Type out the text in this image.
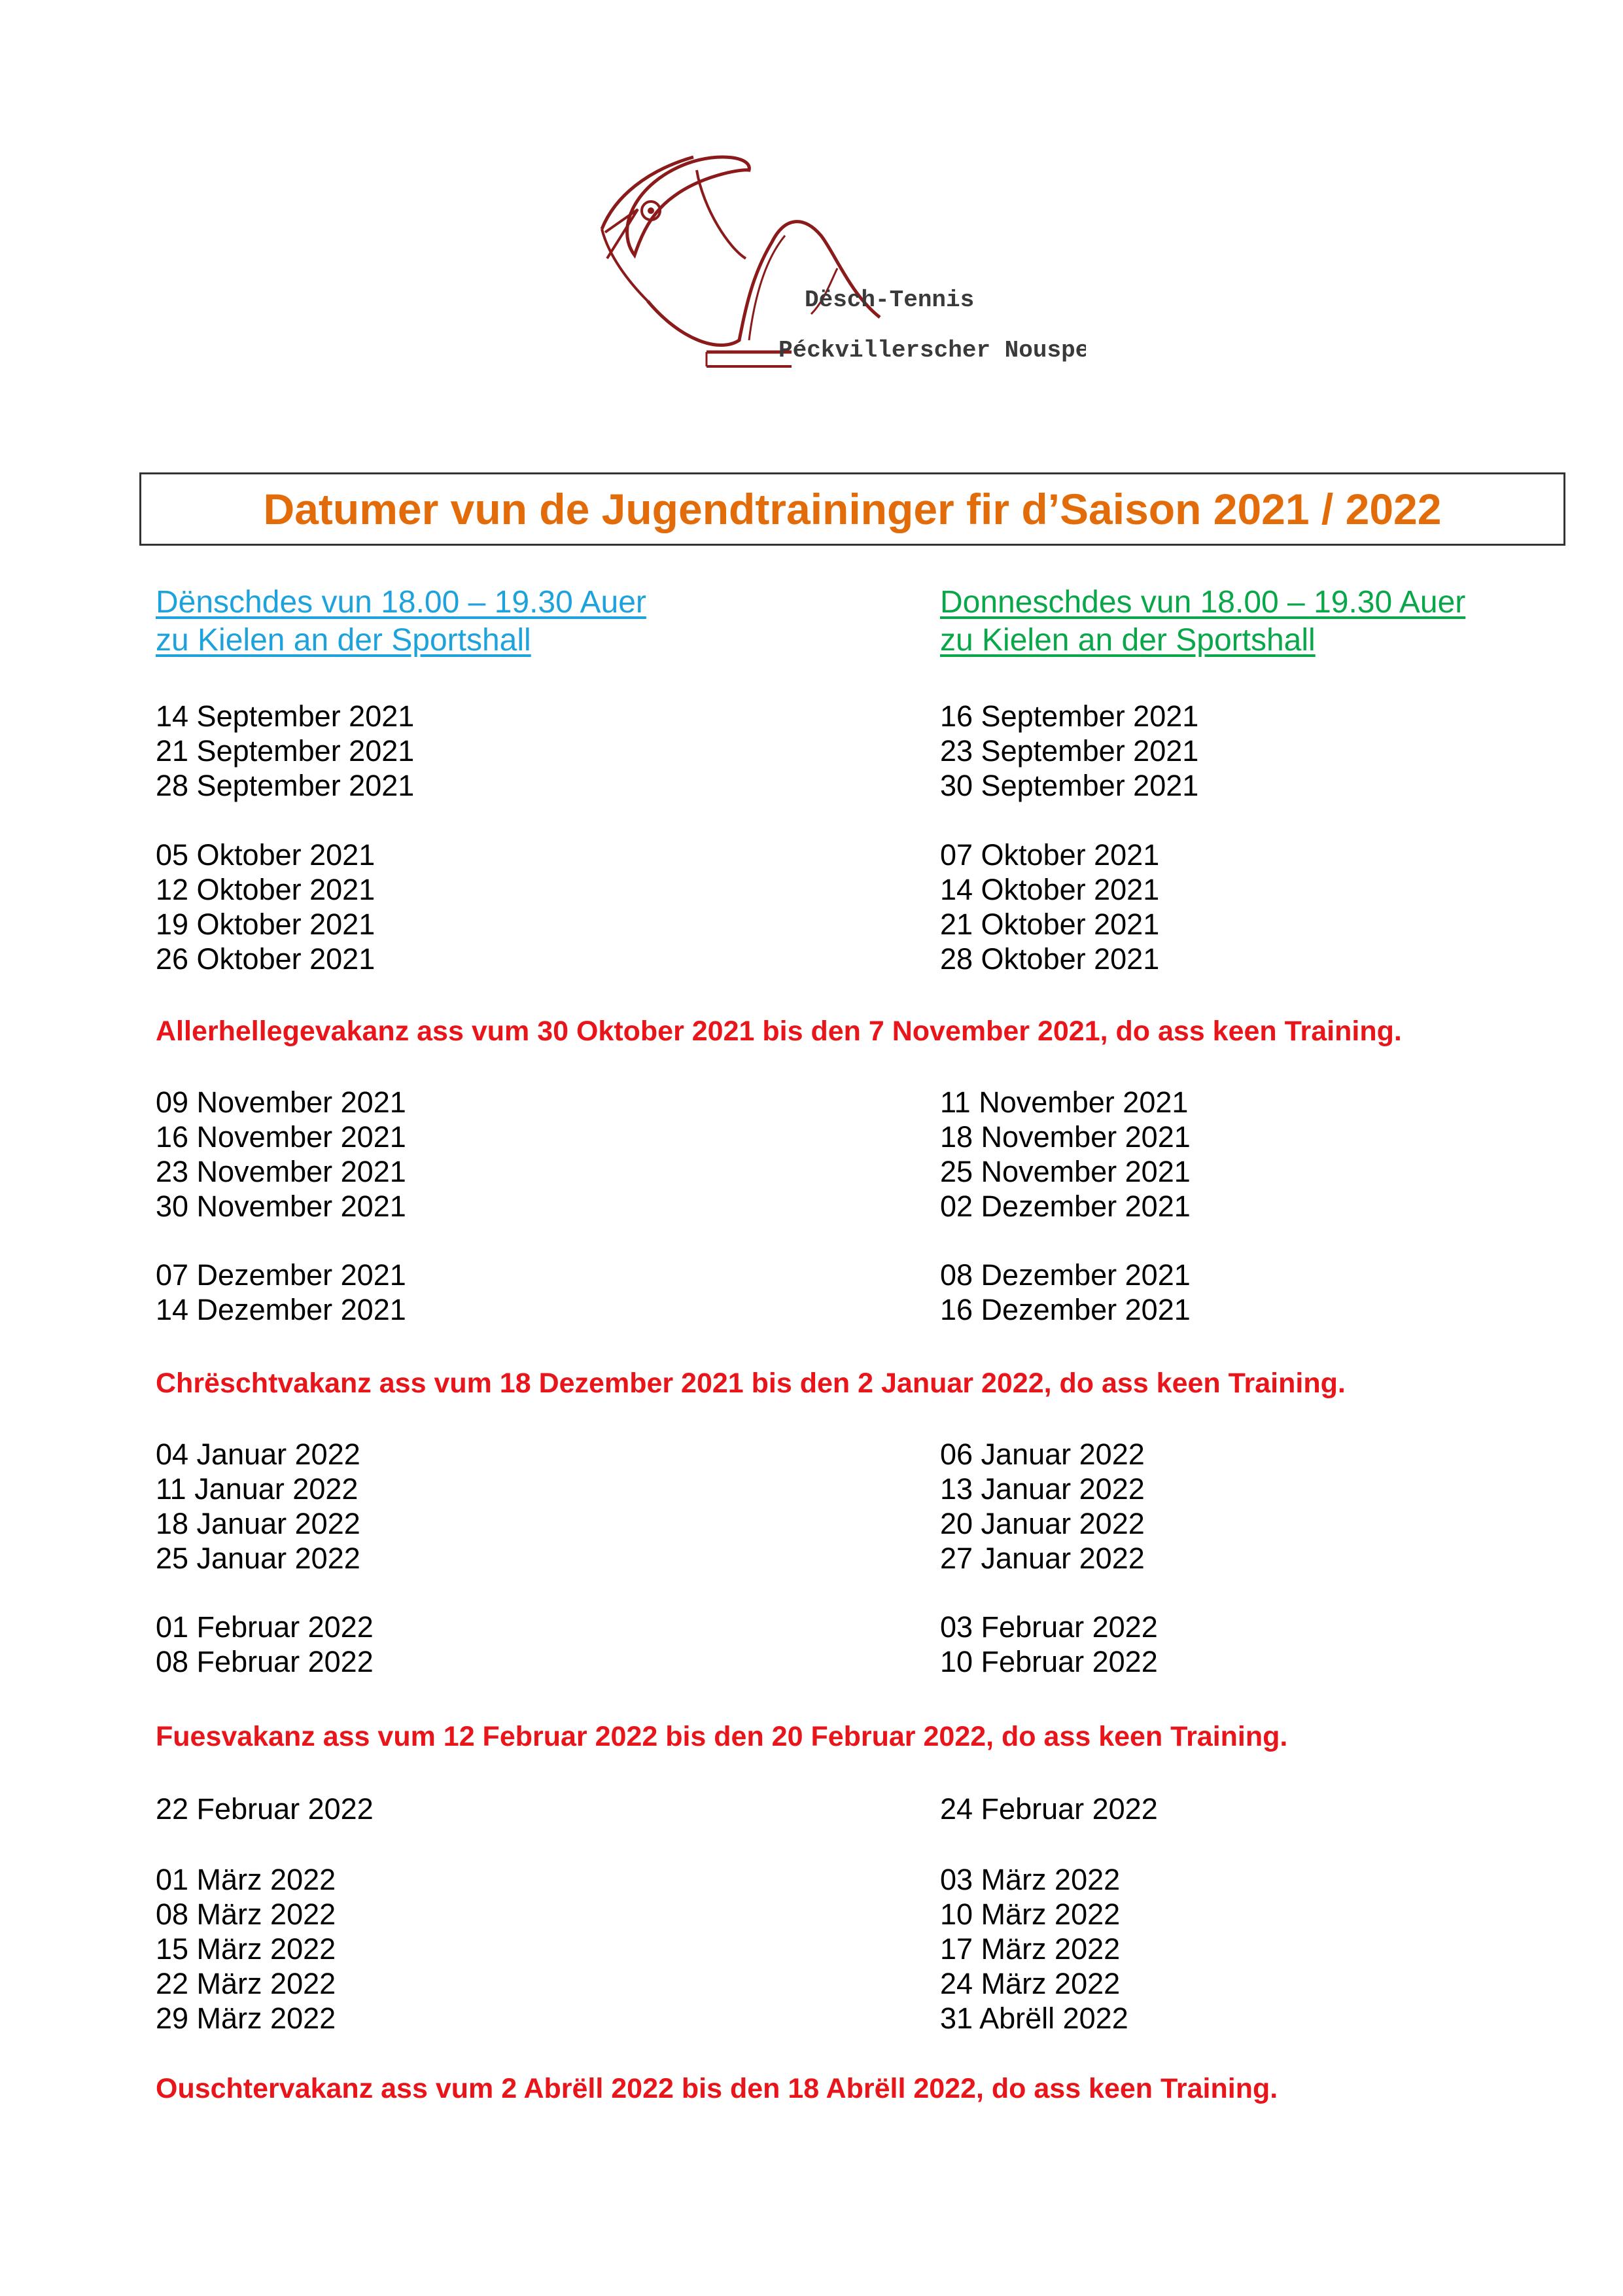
Dësch-Tennis
Péckvillerscher Nouspelt
Datumer vun de Jugendtraininger fir d’Saison 2021 / 2022
Dënschdes vun 18.00 – 19.30 Auer
zu Kielen an der Sportshall
Donneschdes vun 18.00 – 19.30 Auer
zu Kielen an der Sportshall
14 September 2021
21 September 2021
28 September 2021
16 September 2021
23 September 2021
30 September 2021
05 Oktober 2021
12 Oktober 2021
19 Oktober 2021
26 Oktober 2021
07 Oktober 2021
14 Oktober 2021
21 Oktober 2021
28 Oktober 2021
Allerhellegevakanz ass vum 30 Oktober 2021 bis den 7 November 2021, do ass keen Training.
09 November 2021
16 November 2021
23 November 2021
30 November 2021
11 November 2021
18 November 2021
25 November 2021
02 Dezember 2021
07 Dezember 2021
14 Dezember 2021
08 Dezember 2021
16 Dezember 2021
Chrëschtvakanz ass vum 18 Dezember 2021 bis den 2 Januar 2022, do ass keen Training.
04 Januar 2022
11 Januar 2022
18 Januar 2022
25 Januar 2022
06 Januar 2022
13 Januar 2022
20 Januar 2022
27 Januar 2022
01 Februar 2022
08 Februar 2022
03 Februar 2022
10 Februar 2022
Fuesvakanz ass vum 12 Februar 2022 bis den 20 Februar 2022, do ass keen Training.
22 Februar 2022	24 Februar 2022
01 März 2022
08 März 2022
15 März 2022
22 März 2022
29 März 2022
03 März 2022
10 März 2022
17 März 2022
24 März 2022
31 Abrëll 2022
Ouschtervakanz ass vum 2 Abrëll 2022 bis den 18 Abrëll 2022, do ass keen Training.
